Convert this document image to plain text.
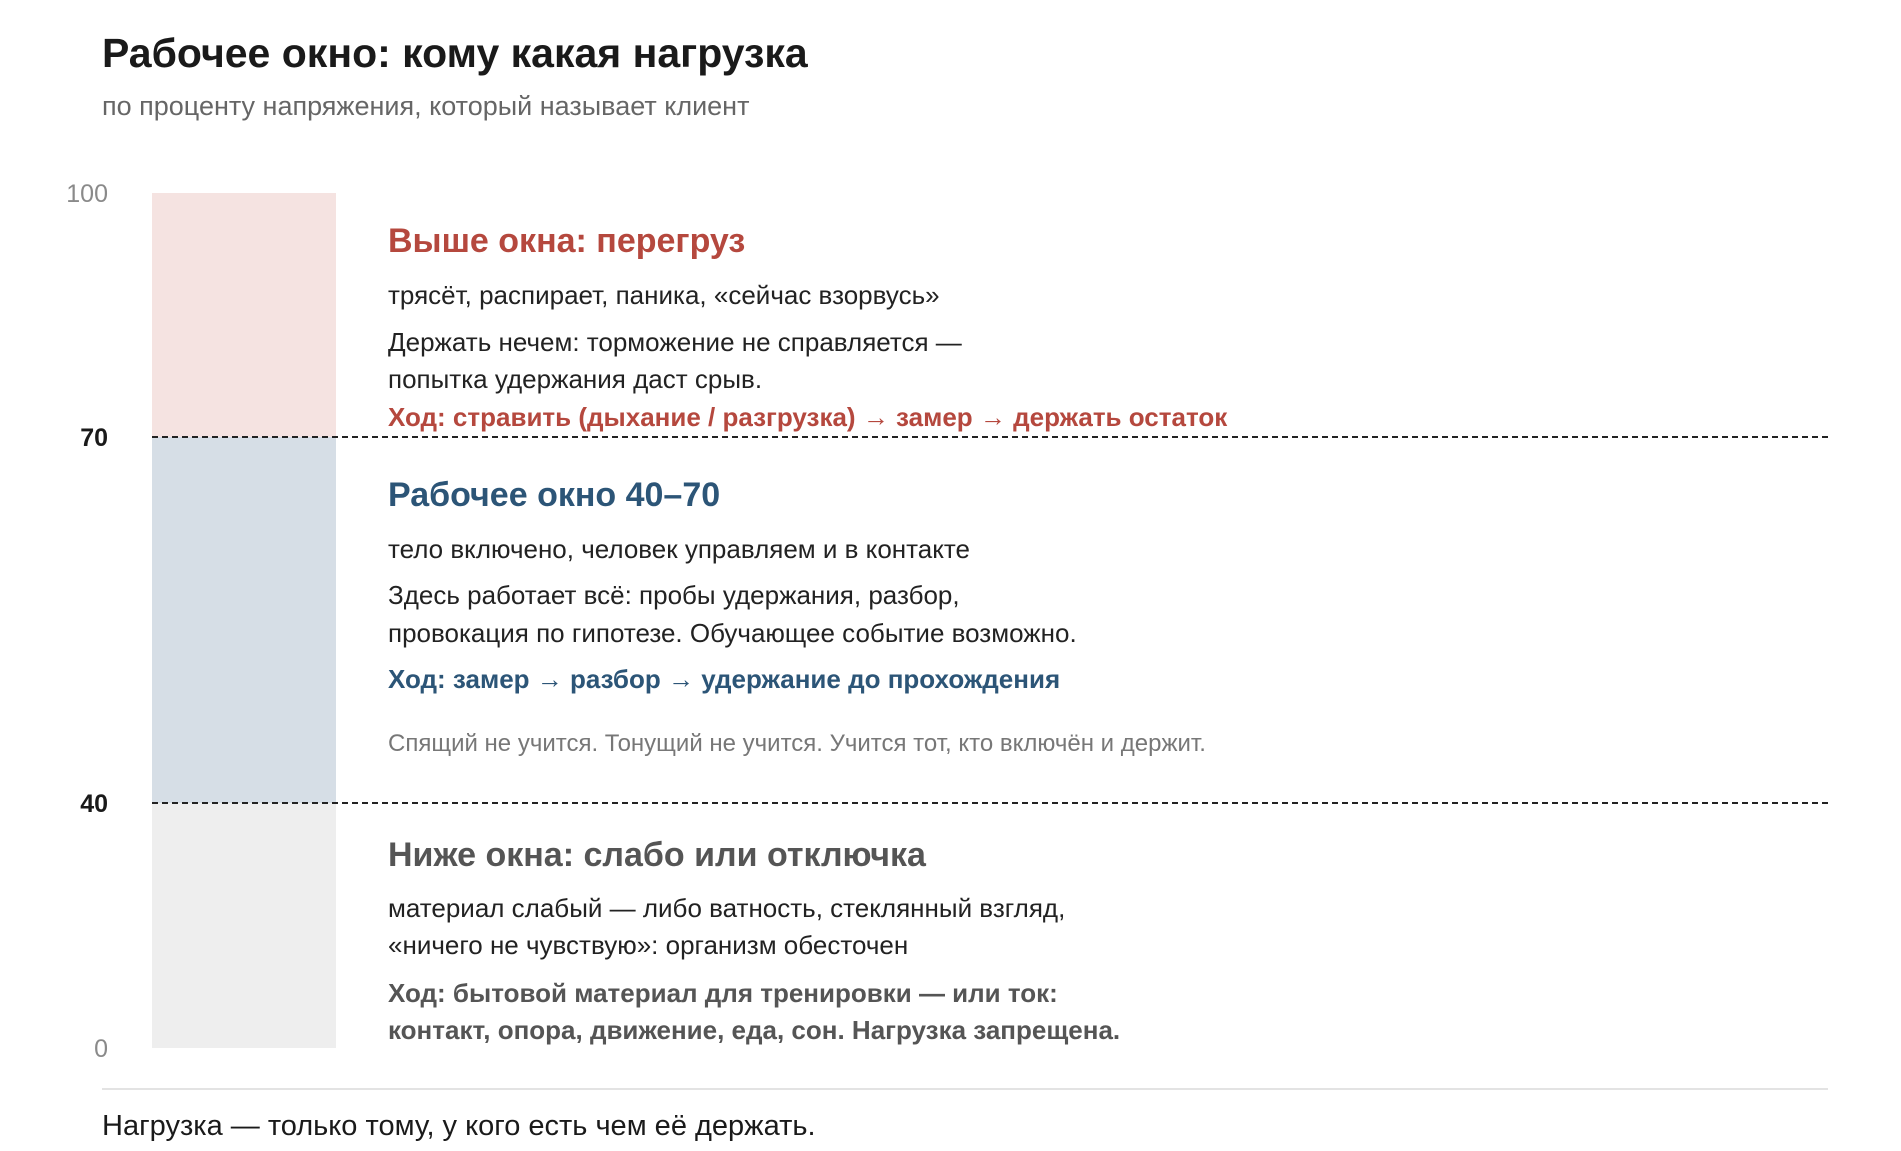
Рабочее окно: кому какая нагрузка
по проценту напряжения, который называет клиент
100
70
40
0
Выше окна: перегруз
трясёт, распирает, паника, «сейчас взорвусь»
Держать нечем: торможение не справляется —
попытка удержания даст срыв.
Ход: стравить (дыхание / разгрузка) → замер → держать остаток
Рабочее окно 40–70
тело включено, человек управляем и в контакте
Здесь работает всё: пробы удержания, разбор,
провокация по гипотезе. Обучающее событие возможно.
Ход: замер → разбор → удержание до прохождения
Спящий не учится. Тонущий не учится. Учится тот, кто включён и держит.
Ниже окна: слабо или отключка
материал слабый — либо ватность, стеклянный взгляд,
«ничего не чувствую»: организм обесточен
Ход: бытовой материал для тренировки — или ток:
контакт, опора, движение, еда, сон. Нагрузка запрещена.
Нагрузка — только тому, у кого есть чем её держать.
